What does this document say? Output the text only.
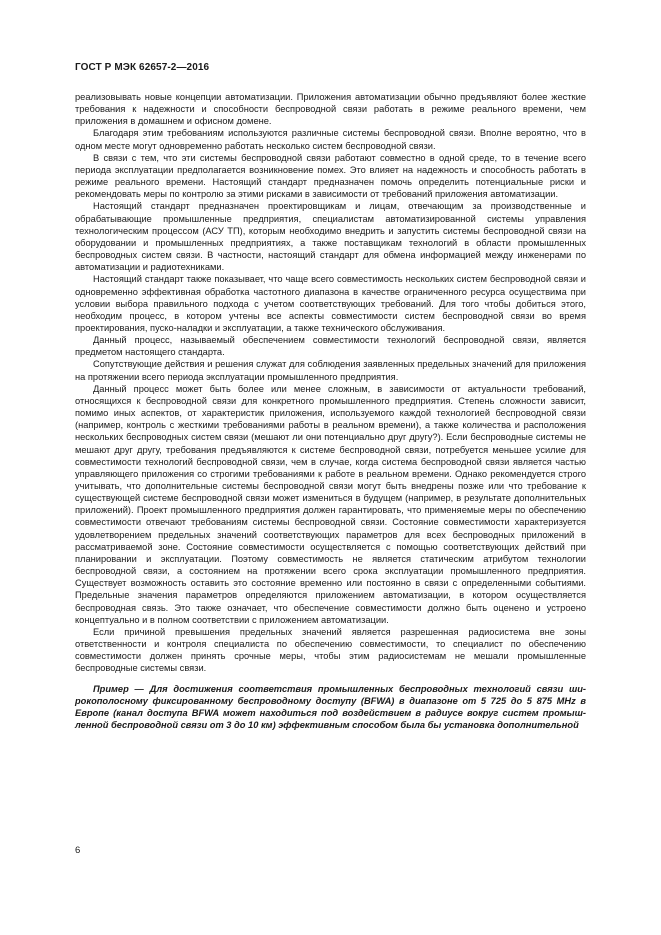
ГОСТ Р МЭК 62657-2—2016

реализовывать новые концепции автоматизации. Приложения автоматизации обычно предъявляют более жесткие требования к надежности и способности беспроводной связи работать в режиме реального времени, чем приложения в домашнем и офисном домене.

Благодаря этим требованиям используются различные системы беспроводной связи. Вполне вероятно, что в одном месте могут одновременно работать несколько систем беспроводной связи.

В связи с тем, что эти системы беспроводной связи работают совместно в одной среде, то в течение всего периода эксплуатации предполагается возникновение помех. Это влияет на надежность и способность работать в режиме реального времени. Настоящий стандарт предназначен помочь определить потенциальные риски и рекомендовать меры по контролю за этими рисками в зависимости от требований приложения автоматизации.

Настоящий стандарт предназначен проектировщикам и лицам, отвечающим за производственные и обрабатывающие промышленные предприятия, специалистам автоматизированной системы управления технологическим процессом (АСУ ТП), которым необходимо внедрить и запустить системы беспроводной связи на оборудовании и промышленных предприятиях, а также поставщикам технологий в области промышленных беспроводных систем связи. В частности, настоящий стандарт для обмена информацией между инженерами по автоматизации и радиотехниками.

Настоящий стандарт также показывает, что чаще всего совместимость нескольких систем беспроводной связи и одновременно эффективная обработка частотного диапазона в качестве ограниченного ресурса осуществима при условии выбора правильного подхода с учетом соответствующих требований. Для того чтобы добиться этого, необходим процесс, в котором учтены все аспекты совместимости систем беспроводной связи во время проектирования, пуско-наладки и эксплуатации, а также технического обслуживания.

Данный процесс, называемый обеспечением совместимости технологий беспроводной связи, является предметом настоящего стандарта.

Сопутствующие действия и решения служат для соблюдения заявленных предельных значений для приложения на протяжении всего периода эксплуатации промышленного предприятия.

Данный процесс может быть более или менее сложным, в зависимости от актуальности требований, относящихся к беспроводной связи для конкретного промышленного предприятия. Степень сложности зависит, помимо иных аспектов, от характеристик приложения, используемого каждой технологией беспроводной связи (например, контроль с жесткими требованиями работы в реальном времени), а также количества и расположения нескольких беспроводных систем связи (мешают ли они потенциально друг другу?). Если беспроводные системы не мешают друг другу, требования предъявляются к системе беспроводной связи, потребуется меньшее усилие для совместимости технологий беспроводной связи, чем в случае, когда система беспроводной связи является частью управляющего приложения со строгими требованиями к работе в реальном времени. Однако рекомендуется строго учитывать, что дополнительные системы беспроводной связи могут быть внедрены позже или что требование к существующей системе беспроводной связи может измениться в будущем (например, в результате дополнительных приложений). Проект промышленного предприятия должен гарантировать, что применяемые меры по обеспечению совместимости отвечают требованиям системы беспроводной связи. Состояние совместимости характеризуется удовлетворением предельных значений соответствующих параметров для всех беспроводных приложений в рассматриваемой зоне. Состояние совместимости осуществляется с помощью соответствующих действий при планировании и эксплуатации. Поэтому совместимость не является статическим атрибутом технологии беспроводной связи, а состоянием на протяжении всего срока эксплуатации промышленного предприятия. Существует возможность оставить это состояние временно или постоянно в связи с определенными событиями. Предельные значения параметров определяются приложением автоматизации, в котором осуществляется беспроводная связь. Это также означает, что обеспечение совместимости должно быть оценено и устроено концептуально и в полном соответствии с приложением автоматизации.

Если причиной превышения предельных значений является разрешенная радиосистема вне зоны ответственности и контроля специалиста по обеспечению совместимости, то специалист по обеспечению совместимости должен принять срочные меры, чтобы этим радиосистемам не мешали промышленные беспроводные системы связи.

Пример — Для достижения соответствия промышленных беспроводных технологий связи широкополосному фиксированному беспроводному доступу (BFWA) в диапазоне от 5 725 до 5 875 MHz в Европе (канал доступа BFWA может находиться под воздействием в радиусе вокруг систем промышленной беспроводной связи от 3 до 10 км) эффективным способом была бы установка дополнительной

6
